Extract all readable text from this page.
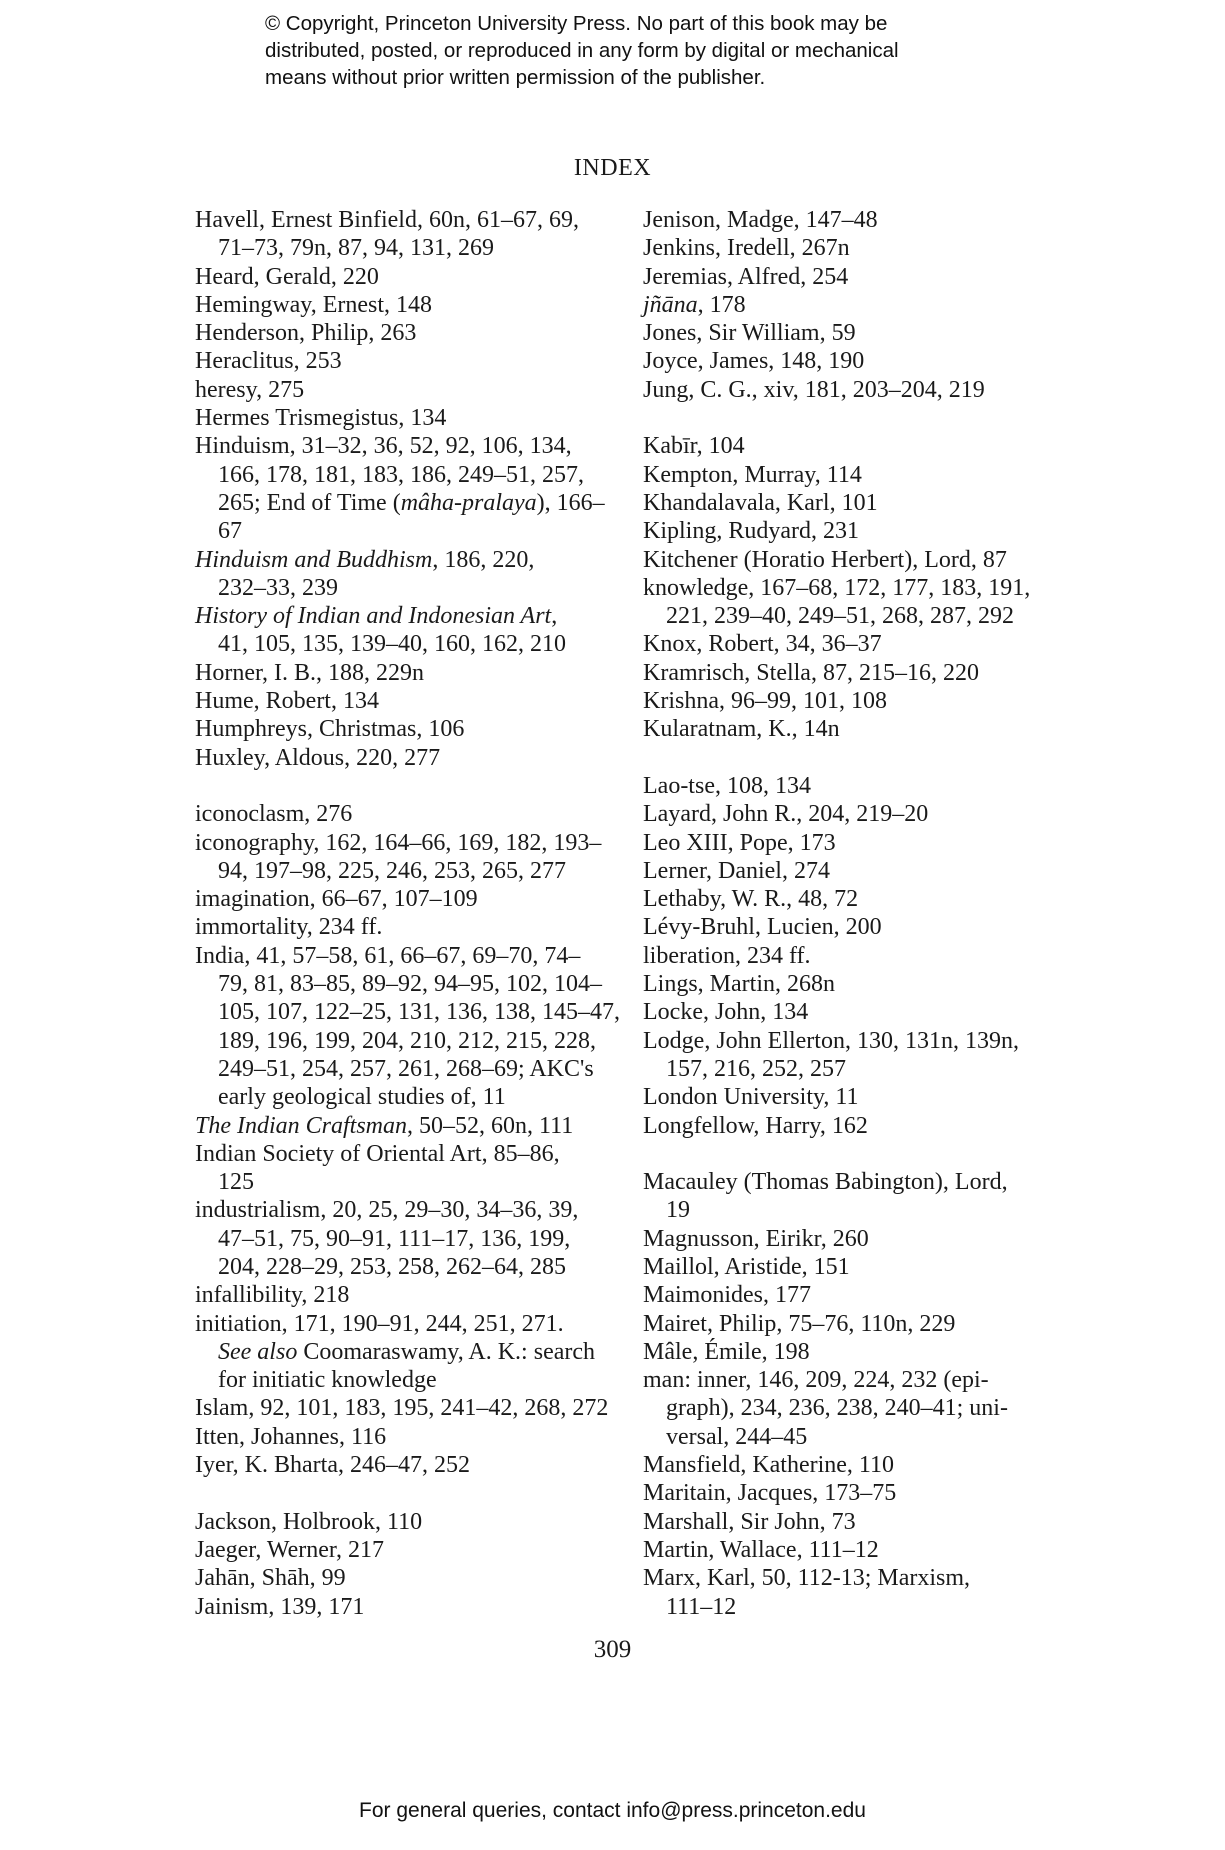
© Copyright, Princeton University Press. No part of this book may be
distributed, posted, or reproduced in any form by digital or mechanical
means without prior written permission of the publisher.
INDEX
Havell, Ernest Binfield, 60n, 61–67, 69,
71–73, 79n, 87, 94, 131, 269
Heard, Gerald, 220
Hemingway, Ernest, 148
Henderson, Philip, 263
Heraclitus, 253
heresy, 275
Hermes Trismegistus, 134
Hinduism, 31–32, 36, 52, 92, 106, 134,
166, 178, 181, 183, 186, 249–51, 257,
265; End of Time (mâha-pralaya), 166–67
Hinduism and Buddhism, 186, 220,
232–33, 239
History of Indian and Indonesian Art,
41, 105, 135, 139–40, 160, 162, 210
Horner, I. B., 188, 229n
Hume, Robert, 134
Humphreys, Christmas, 106
Huxley, Aldous, 220, 277
iconoclasm, 276
iconography, 162, 164–66, 169, 182, 193–
94, 197–98, 225, 246, 253, 265, 277
imagination, 66–67, 107–109
immortality, 234 ff.
India, 41, 57–58, 61, 66–67, 69–70, 74–
79, 81, 83–85, 89–92, 94–95, 102, 104–
105, 107, 122–25, 131, 136, 138, 145–47,
189, 196, 199, 204, 210, 212, 215, 228,
249–51, 254, 257, 261, 268–69; AKC's
early geological studies of, 11
The Indian Craftsman, 50–52, 60n, 111
Indian Society of Oriental Art, 85–86,
125
industrialism, 20, 25, 29–30, 34–36, 39,
47–51, 75, 90–91, 111–17, 136, 199,
204, 228–29, 253, 258, 262–64, 285
infallibility, 218
initiation, 171, 190–91, 244, 251, 271.
See also Coomaraswamy, A. K.: search
for initiatic knowledge
Islam, 92, 101, 183, 195, 241–42, 268, 272
Itten, Johannes, 116
Iyer, K. Bharta, 246–47, 252
Jackson, Holbrook, 110
Jaeger, Werner, 217
Jahān, Shāh, 99
Jainism, 139, 171
Jenison, Madge, 147–48
Jenkins, Iredell, 267n
Jeremias, Alfred, 254
jñāna, 178
Jones, Sir William, 59
Joyce, James, 148, 190
Jung, C. G., xiv, 181, 203–204, 219
Kabīr, 104
Kempton, Murray, 114
Khandalavala, Karl, 101
Kipling, Rudyard, 231
Kitchener (Horatio Herbert), Lord, 87
knowledge, 167–68, 172, 177, 183, 191,
221, 239–40, 249–51, 268, 287, 292
Knox, Robert, 34, 36–37
Kramrisch, Stella, 87, 215–16, 220
Krishna, 96–99, 101, 108
Kularatnam, K., 14n
Lao-tse, 108, 134
Layard, John R., 204, 219–20
Leo XIII, Pope, 173
Lerner, Daniel, 274
Lethaby, W. R., 48, 72
Lévy-Bruhl, Lucien, 200
liberation, 234 ff.
Lings, Martin, 268n
Locke, John, 134
Lodge, John Ellerton, 130, 131n, 139n,
157, 216, 252, 257
London University, 11
Longfellow, Harry, 162
Macauley (Thomas Babington), Lord,
19
Magnusson, Eirikr, 260
Maillol, Aristide, 151
Maimonides, 177
Mairet, Philip, 75–76, 110n, 229
Mâle, Émile, 198
man: inner, 146, 209, 224, 232 (epi-
graph), 234, 236, 238, 240–41; uni-
versal, 244–45
Mansfield, Katherine, 110
Maritain, Jacques, 173–75
Marshall, Sir John, 73
Martin, Wallace, 111–12
Marx, Karl, 50, 112-13; Marxism,
111–12
309
For general queries, contact info@press.princeton.edu
